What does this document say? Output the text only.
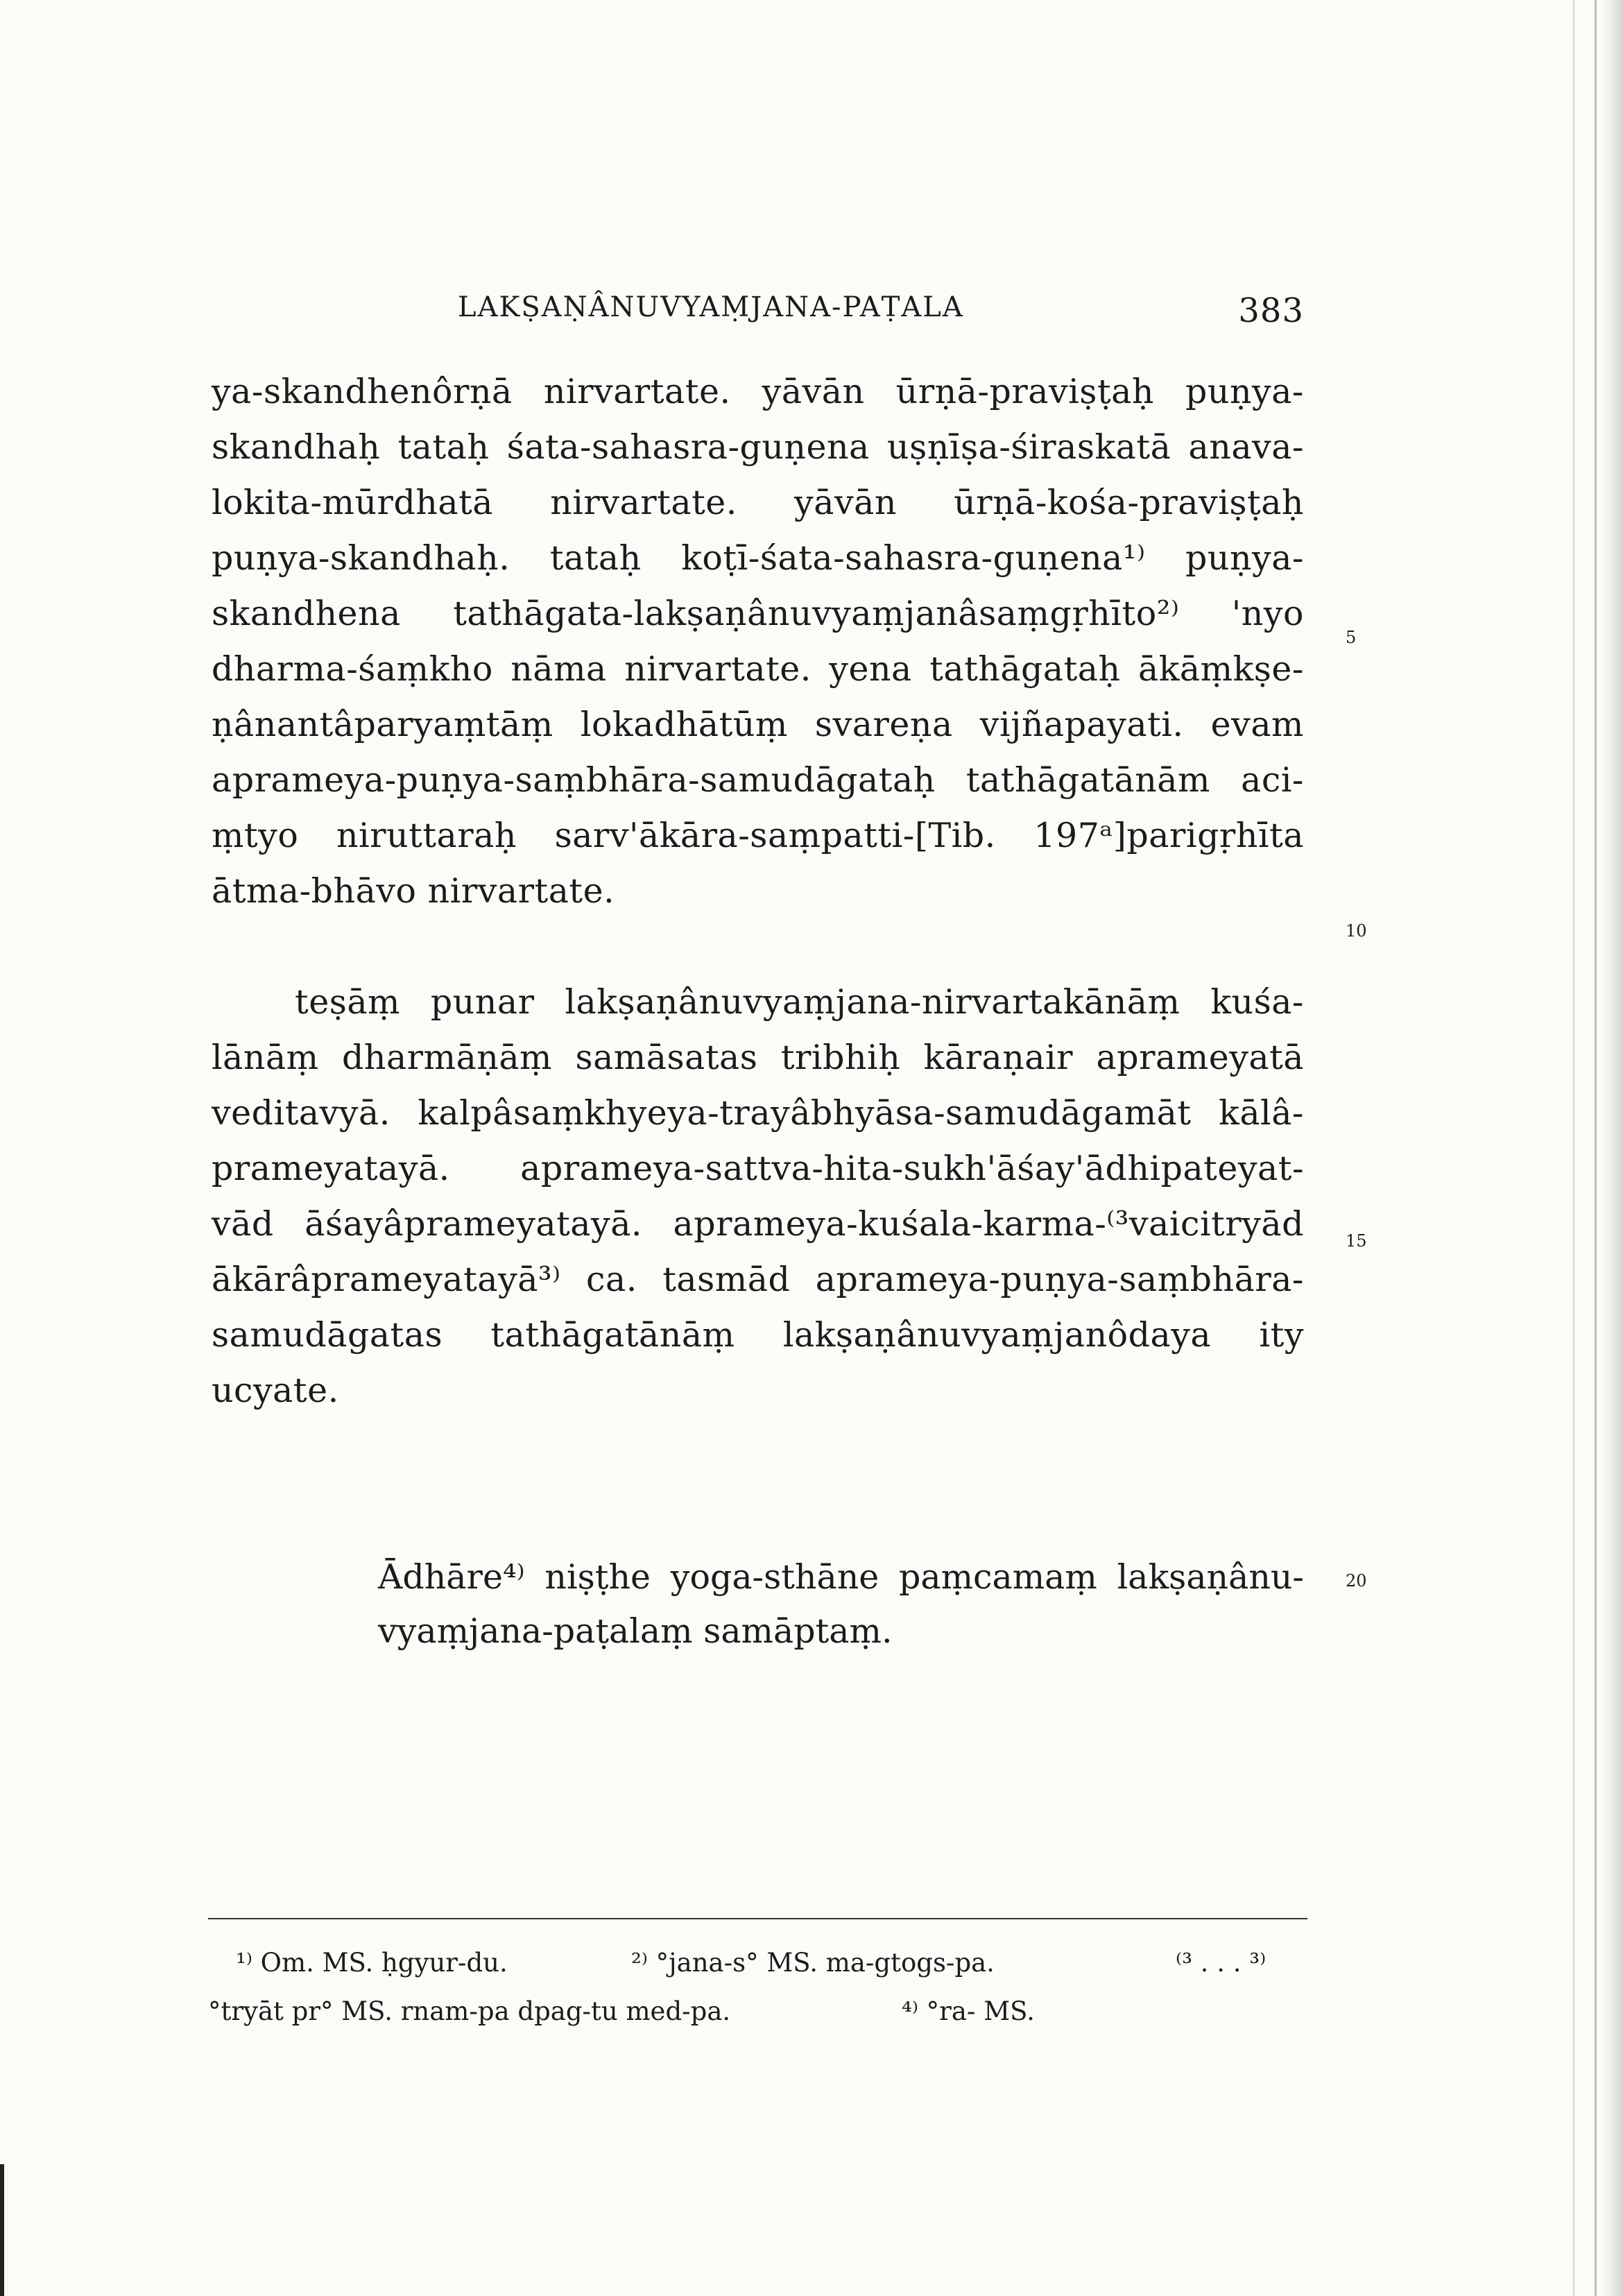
LAKṢAṆÂNUVYAṂJANA-PAṬALA	383
ya-skandhenôrṇā nirvartate. yāvān ūrṇā-praviṣṭaḥ puṇya-
skandhaḥ tataḥ śata-sahasra-guṇena uṣṇīṣa-śiraskatā anava-
lokita-mūrdhatā nirvartate. yāvān ūrṇā-kośa-praviṣṭaḥ
puṇya-skandhaḥ. tataḥ koṭī-śata-sahasra-guṇena¹⁾ puṇya-
skandhena tathāgata-lakṣaṇânuvyaṃjanâsaṃgṛhīto²⁾ 'nyo
dharma-śaṃkho nāma nirvartate. yena tathāgataḥ ākāṃkṣe-
ṇânantâparyaṃtāṃ lokadhātūṃ svareṇa vijñapayati. evam
aprameya-puṇya-saṃbhāra-samudāgataḥ tathāgatānām aci-
ṃtyo niruttaraḥ sarv'ākāra-saṃpatti-[Tib. 197ᵃ]parigṛhīta
ātma-bhāvo nirvartate.
teṣāṃ punar lakṣaṇânuvyaṃjana-nirvartakānāṃ kuśa-
lānāṃ dharmāṇāṃ samāsatas tribhiḥ kāraṇair aprameyatā
veditavyā. kalpâsaṃkhyeya-trayâbhyāsa-samudāgamāt kālâ-
prameyatayā. aprameya-sattva-hita-sukh'āśay'ādhipateyat-
vād āśayâprameyatayā. aprameya-kuśala-karma-⁽³vaicitryād
ākārâprameyatayā³⁾ ca. tasmād aprameya-puṇya-saṃbhāra-
samudāgatas tathāgatānāṃ lakṣaṇânuvyaṃjanôdaya ity
ucyate.
Ādhāre⁴⁾ niṣṭhe yoga-sthāne paṃcamaṃ lakṣaṇânu-
vyaṃjana-paṭalaṃ samāptaṃ.
5
10
15
20
¹⁾ Om. MS. ḥgyur-du.	²⁾ °jana-s° MS. ma-gtogs-pa.	⁽³ . . . ³⁾
°tryāt pr° MS. rnam-pa dpag-tu med-pa.	⁴⁾ °ra- MS.
